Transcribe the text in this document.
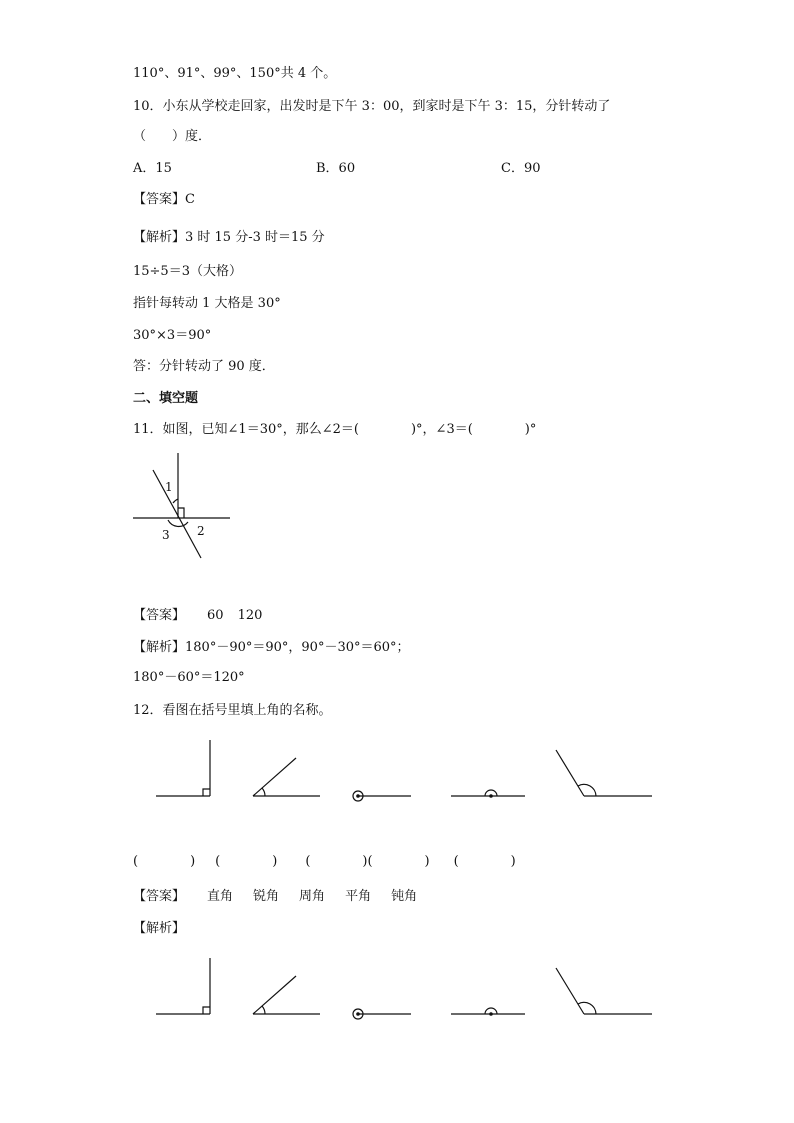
110°、91°、99°、150°共 4 个。
10．小东从学校走回家，出发时是下午 3：00，到家时是下午 3：15，分针转动了
（　　）度．
A．15	B．60	C．90
【答案】C
【解析】3 时 15 分-3 时＝15 分
15÷5＝3（大格）
指针每转动 1 大格是 30°
30°×3＝90°
答：分针转动了 90 度．
二、填空题
11．如图，已知∠1＝30°，那么∠2＝(　　　　)°，∠3＝(　　　　)°
1
2
3
【答案】 60 120
【解析】180°－90°＝90°，90°－30°＝60°；
180°－60°＝120°
12．看图在括号里填上角的名称。
(　　　　) (　　　　) (　　　　)(　　　　) (　　　　)
【答案】 直角 锐角 周角 平角 钝角
【解析】
